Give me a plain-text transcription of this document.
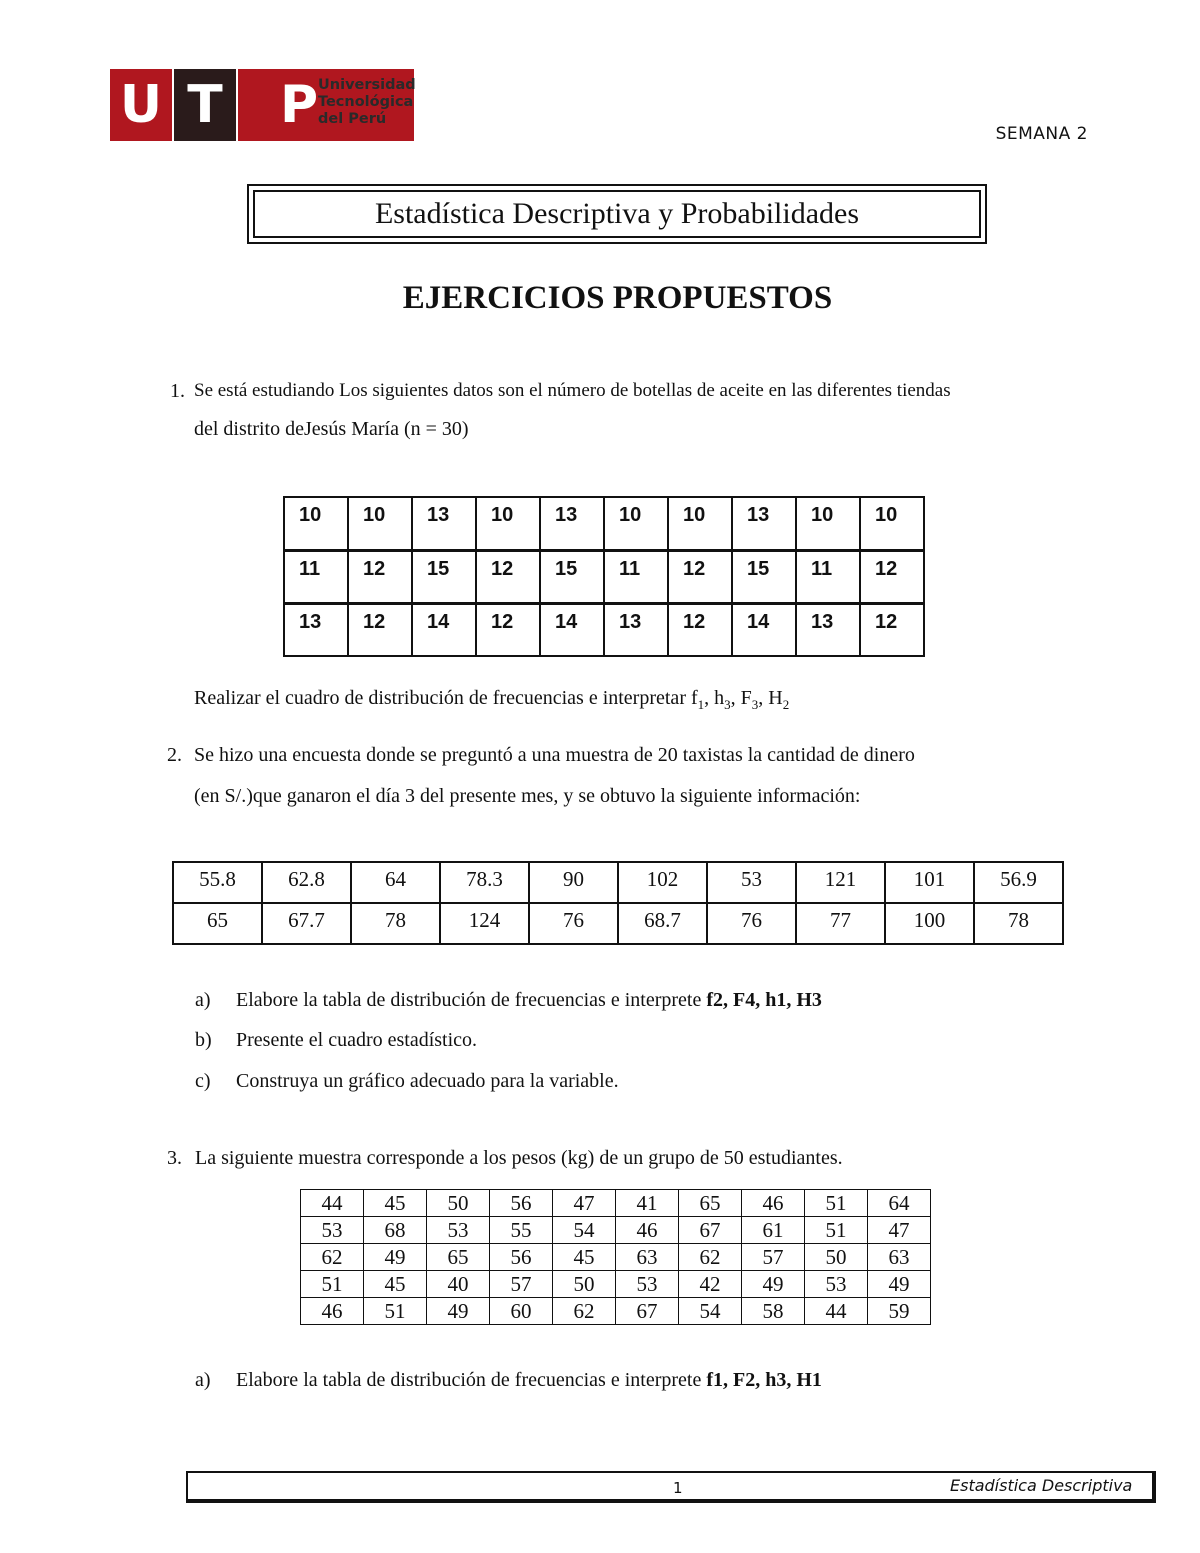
U T	P Universidad
Tecnológica
del Perú
SEMANA 2
Estadística Descriptiva y Probabilidades
EJERCICIOS PROPUESTOS
1. Se está estudiando Los siguientes datos son el número de botellas de aceite en las diferentes tiendas
del distrito deJesús María (n = 30)
10	10	13	10	13	10	10	13	10	10
11	12	15	12	15	11	12	15	11	12
13	12	14	12	14	13	12	14	13	12
Realizar el cuadro de distribución de frecuencias e interpretar $f_1$, $h_3$, $F_3$, $H_2$
2. Se hizo una encuesta donde se preguntó a una muestra de 20 taxistas la cantidad de dinero
(en S/.)que ganaron el día 3 del presente mes, y se obtuvo la siguiente información:
55.8	62.8	64	78.3	90	102	53	121	101	56.9
65	67.7	78	124	76	68.7	76	77	100	78
a) Elabore la tabla de distribución de frecuencias e interprete f2, F4, h1, H3
b) Presente el cuadro estadístico.
c) Construya un gráfico adecuado para la variable.
3. La siguiente muestra corresponde a los pesos (kg) de un grupo de 50 estudiantes.
44	45	50	56	47	41	65	46	51	64
53	68	53	55	54	46	67	61	51	47
62	49	65	56	45	63	62	57	50	63
51	45	40	57	50	53	42	49	53	49
46	51	49	60	62	67	54	58	44	59
a) Elabore la tabla de distribución de frecuencias e interprete f1, F2, h3, H1
1	Estadística Descriptiva
